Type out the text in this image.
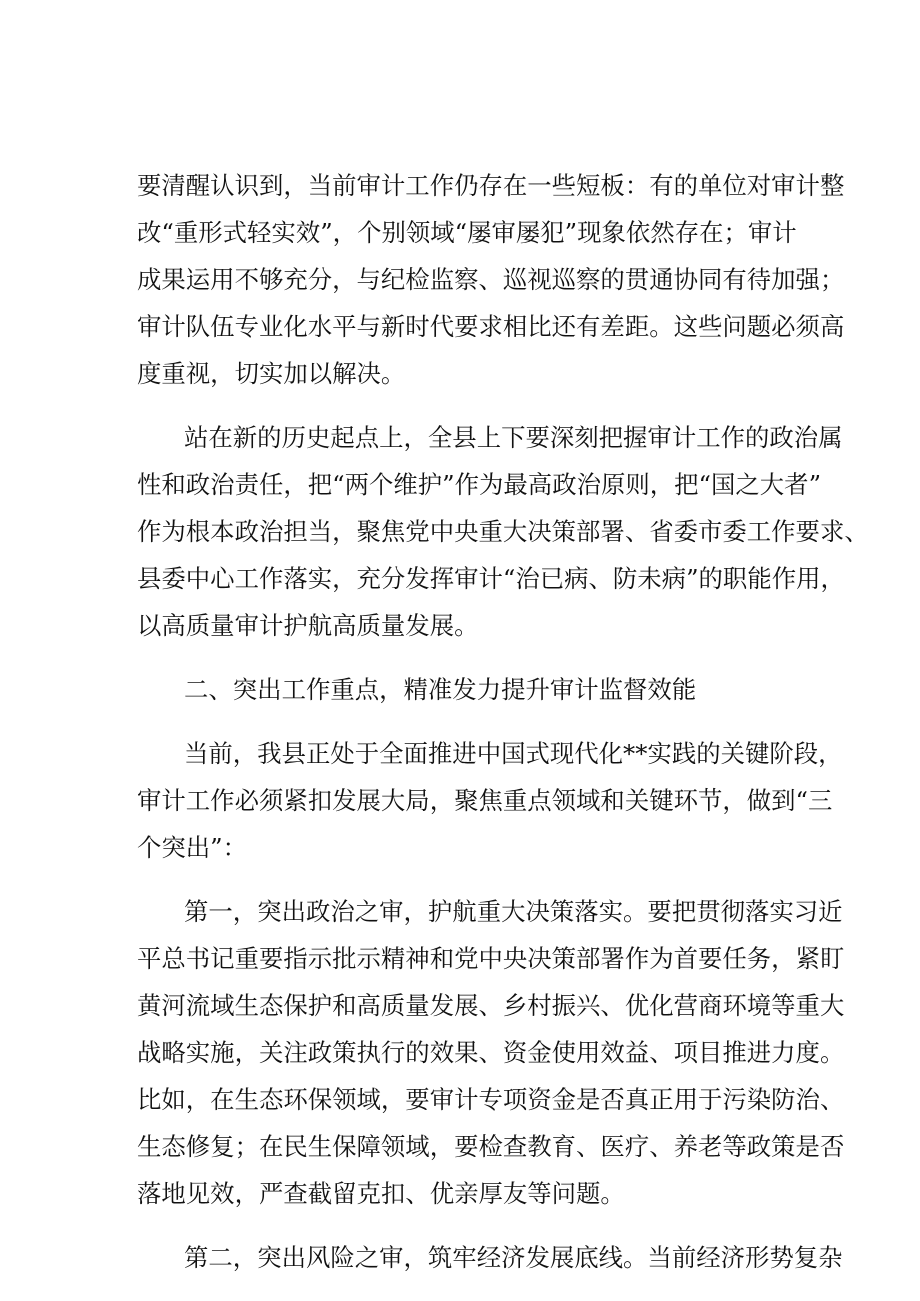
要清醒认识到，当前审计工作仍存在一些短板：有的单位对审计整
改“重形式轻实效”，个别领域“屡审屡犯”现象依然存在；审计
成果运用不够充分，与纪检监察、巡视巡察的贯通协同有待加强；
审计队伍专业化水平与新时代要求相比还有差距。这些问题必须高
度重视，切实加以解决。
站在新的历史起点上，全县上下要深刻把握审计工作的政治属
性和政治责任，把“两个维护”作为最高政治原则，把“国之大者”
作为根本政治担当，聚焦党中央重大决策部署、省委市委工作要求、
县委中心工作落实，充分发挥审计“治已病、防未病”的职能作用，
以高质量审计护航高质量发展。
二、突出工作重点，精准发力提升审计监督效能
当前，我县正处于全面推进中国式现代化**实践的关键阶段，
审计工作必须紧扣发展大局，聚焦重点领域和关键环节，做到“三
个突出”：
第一，突出政治之审，护航重大决策落实。要把贯彻落实习近
平总书记重要指示批示精神和党中央决策部署作为首要任务，紧盯
黄河流域生态保护和高质量发展、乡村振兴、优化营商环境等重大
战略实施，关注政策执行的效果、资金使用效益、项目推进力度。
比如，在生态环保领域，要审计专项资金是否真正用于污染防治、
生态修复；在民生保障领域，要检查教育、医疗、养老等政策是否
落地见效，严查截留克扣、优亲厚友等问题。
第二，突出风险之审，筑牢经济发展底线。当前经济形势复杂
